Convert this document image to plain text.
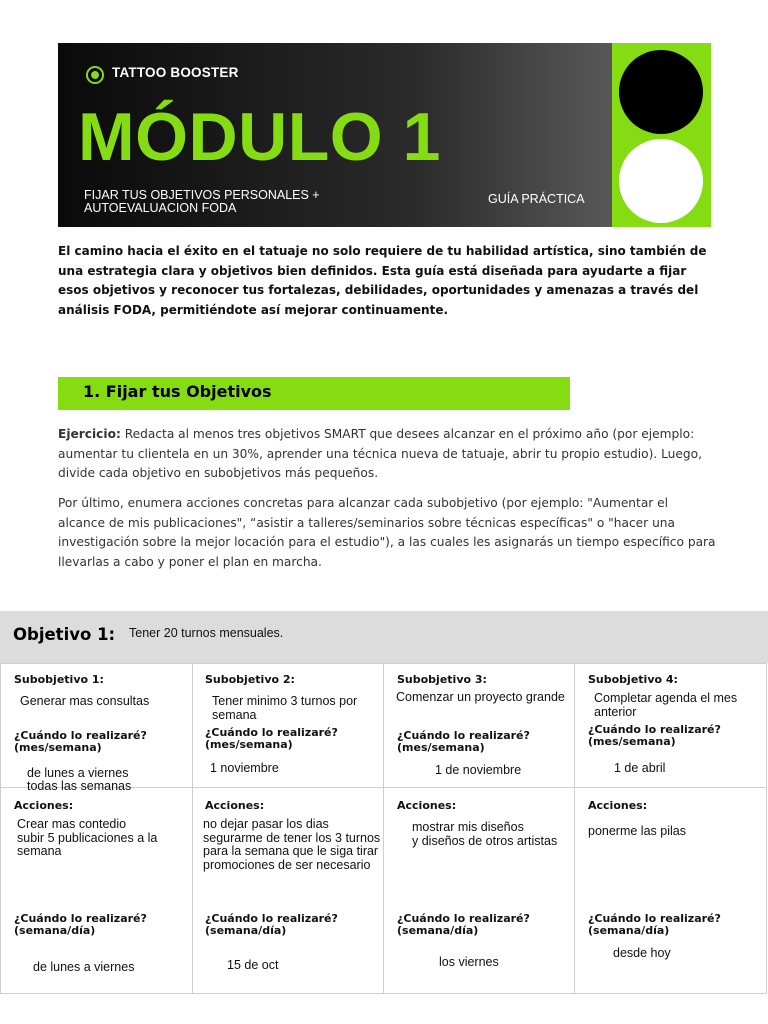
TATTOO BOOSTER
MÓDULO 1
FIJAR TUS OBJETIVOS PERSONALES + AUTOEVALUACION FODA
GUÍA PRÁCTICA
El camino hacia el éxito en el tatuaje no solo requiere de tu habilidad artística, sino también de una estrategia clara y objetivos bien definidos. Esta guía está diseñada para ayudarte a fijar esos objetivos y reconocer tus fortalezas, debilidades, oportunidades y amenazas a través del análisis FODA, permitiéndote así mejorar continuamente.
1. Fijar tus Objetivos
Ejercicio: Redacta al menos tres objetivos SMART que desees alcanzar en el próximo año (por ejemplo: aumentar tu clientela en un 30%, aprender una técnica nueva de tatuaje, abrir tu propio estudio). Luego, divide cada objetivo en subobjetivos más pequeños.
Por último, enumera acciones concretas para alcanzar cada subobjetivo (por ejemplo: "Aumentar el alcance de mis publicaciones", “asistir a talleres/seminarios sobre técnicas específicas" o "hacer una investigación sobre la mejor locación para el estudio"), a las cuales les asignarás un tiempo específico para llevarlas a cabo y poner el plan en marcha.
Objetivo 1: Tener 20 turnos mensuales.
Subobjetivo 1:
Generar mas consultas
¿Cuándo lo realizaré? (mes/semana)
de lunes a viernes
todas las semanas
Acciones:
Crear mas contedio
subir 5 publicaciones a la semana
¿Cuándo lo realizaré? (semana/día)
de lunes a viernes
Subobjetivo 2:
Tener minimo 3 turnos por semana
¿Cuándo lo realizaré? (mes/semana)
1 noviembre
Acciones:
no dejar pasar los dias segurarme de tener los 3 turnos para la semana que le siga tirar promociones de ser necesario
¿Cuándo lo realizaré? (semana/día)
15 de oct
Subobjetivo 3:
Comenzar un proyecto grande
¿Cuándo lo realizaré? (mes/semana)
1 de noviembre
Acciones:
mostrar mis diseños
y diseños de otros artistas
¿Cuándo lo realizaré? (semana/día)
los viernes
Subobjetivo 4:
Completar agenda el mes anterior
¿Cuándo lo realizaré? (mes/semana)
1 de abril
Acciones:
ponerme las pilas
¿Cuándo lo realizaré? (semana/día)
desde hoy
